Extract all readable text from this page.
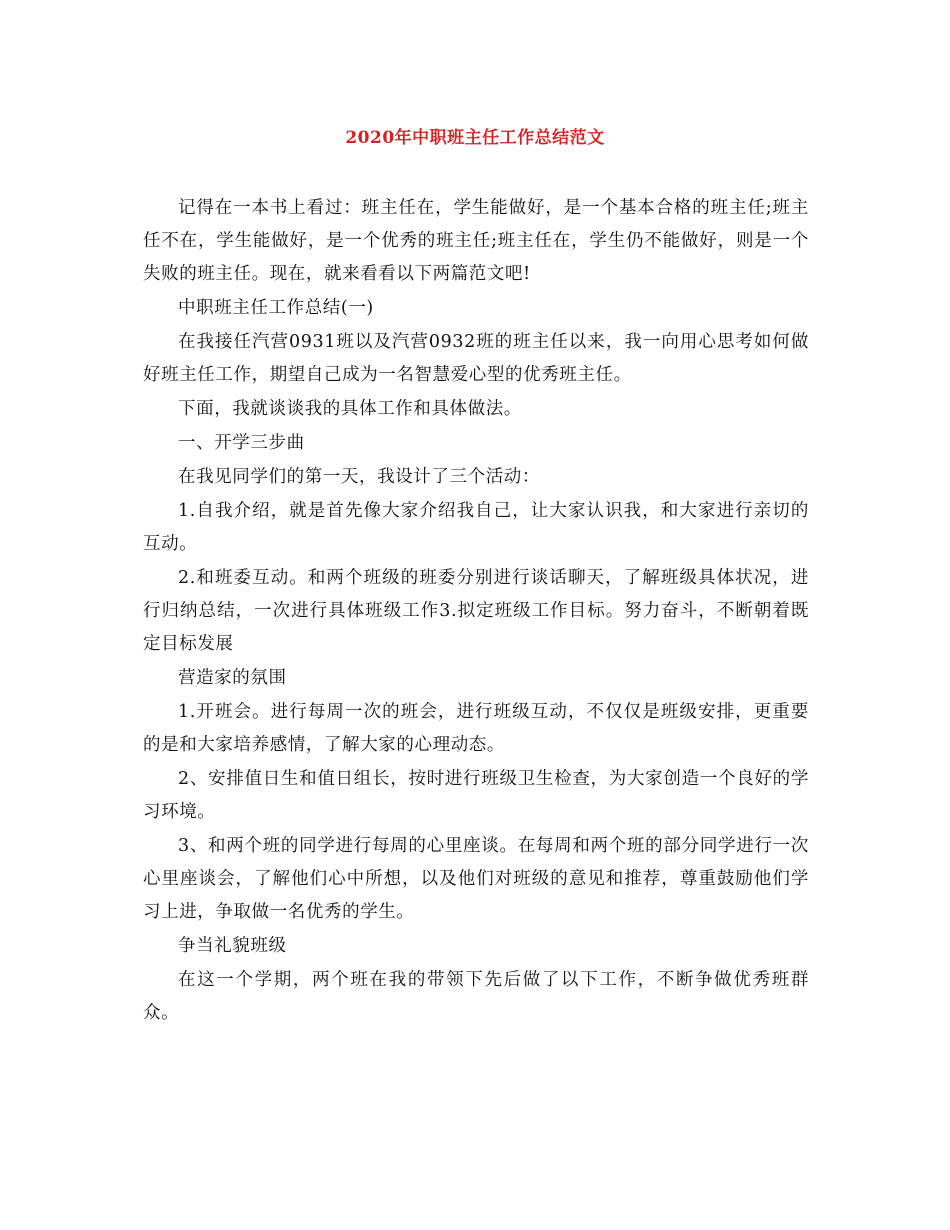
2020年中职班主任工作总结范文

记得在一本书上看过：班主任在，学生能做好，是一个基本合格的班主任;班主任不在，学生能做好，是一个优秀的班主任;班主任在，学生仍不能做好，则是一个失败的班主任。现在，就来看看以下两篇范文吧!

中职班主任工作总结(一)

在我接任汽营0931班以及汽营0932班的班主任以来，我一向用心思考如何做好班主任工作，期望自己成为一名智慧爱心型的优秀班主任。

下面，我就谈谈我的具体工作和具体做法。

一、开学三步曲

在我见同学们的第一天，我设计了三个活动：

1.自我介绍，就是首先像大家介绍我自己，让大家认识我，和大家进行亲切的互动。

2.和班委互动。和两个班级的班委分别进行谈话聊天，了解班级具体状况，进行归纳总结，一次进行具体班级工作3.拟定班级工作目标。努力奋斗，不断朝着既定目标发展

营造家的氛围

1.开班会。进行每周一次的班会，进行班级互动，不仅仅是班级安排，更重要的是和大家培养感情，了解大家的心理动态。

2、安排值日生和值日组长，按时进行班级卫生检查，为大家创造一个良好的学习环境。

3、和两个班的同学进行每周的心里座谈。在每周和两个班的部分同学进行一次心里座谈会，了解他们心中所想，以及他们对班级的意见和推荐，尊重鼓励他们学习上进，争取做一名优秀的学生。

争当礼貌班级

在这一个学期，两个班在我的带领下先后做了以下工作，不断争做优秀班群众。
